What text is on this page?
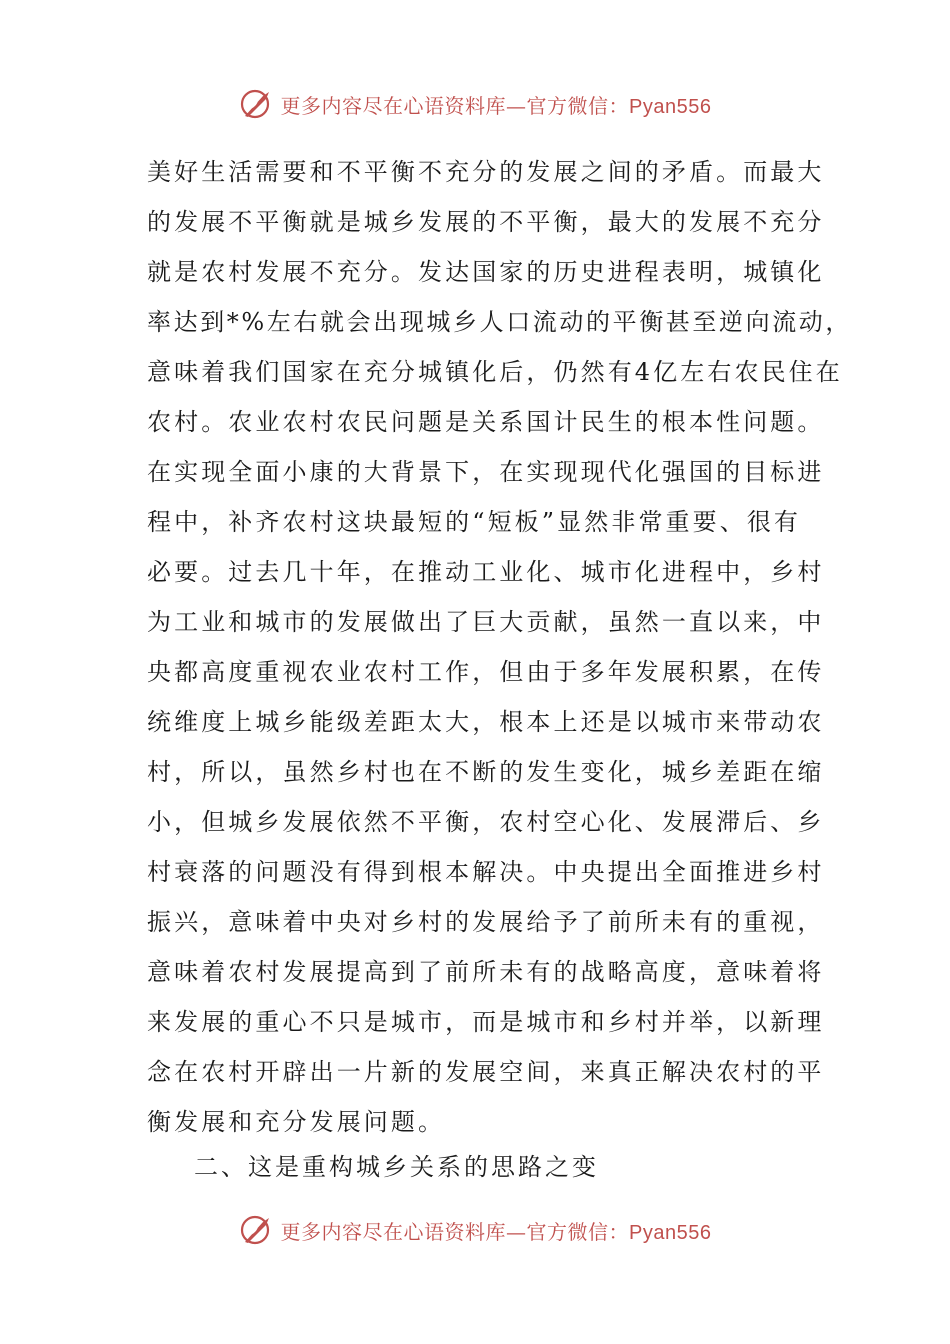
更多内容尽在心语资料库—官方微信：Pyan556
美好生活需要和不平衡不充分的发展之间的矛盾。而最大
的发展不平衡就是城乡发展的不平衡，最大的发展不充分
就是农村发展不充分。发达国家的历史进程表明，城镇化
率达到*%左右就会出现城乡人口流动的平衡甚至逆向流动，
意味着我们国家在充分城镇化后，仍然有4亿左右农民住在
农村。农业农村农民问题是关系国计民生的根本性问题。
在实现全面小康的大背景下，在实现现代化强国的目标进
程中，补齐农村这块最短的“短板”显然非常重要、很有
必要。过去几十年，在推动工业化、城市化进程中，乡村
为工业和城市的发展做出了巨大贡献，虽然一直以来，中
央都高度重视农业农村工作，但由于多年发展积累，在传
统维度上城乡能级差距太大，根本上还是以城市来带动农
村，所以，虽然乡村也在不断的发生变化，城乡差距在缩
小，但城乡发展依然不平衡，农村空心化、发展滞后、乡
村衰落的问题没有得到根本解决。中央提出全面推进乡村
振兴，意味着中央对乡村的发展给予了前所未有的重视，
意味着农村发展提高到了前所未有的战略高度，意味着将
来发展的重心不只是城市，而是城市和乡村并举，以新理
念在农村开辟出一片新的发展空间，来真正解决农村的平
衡发展和充分发展问题。
二、这是重构城乡关系的思路之变
更多内容尽在心语资料库—官方微信：Pyan556
